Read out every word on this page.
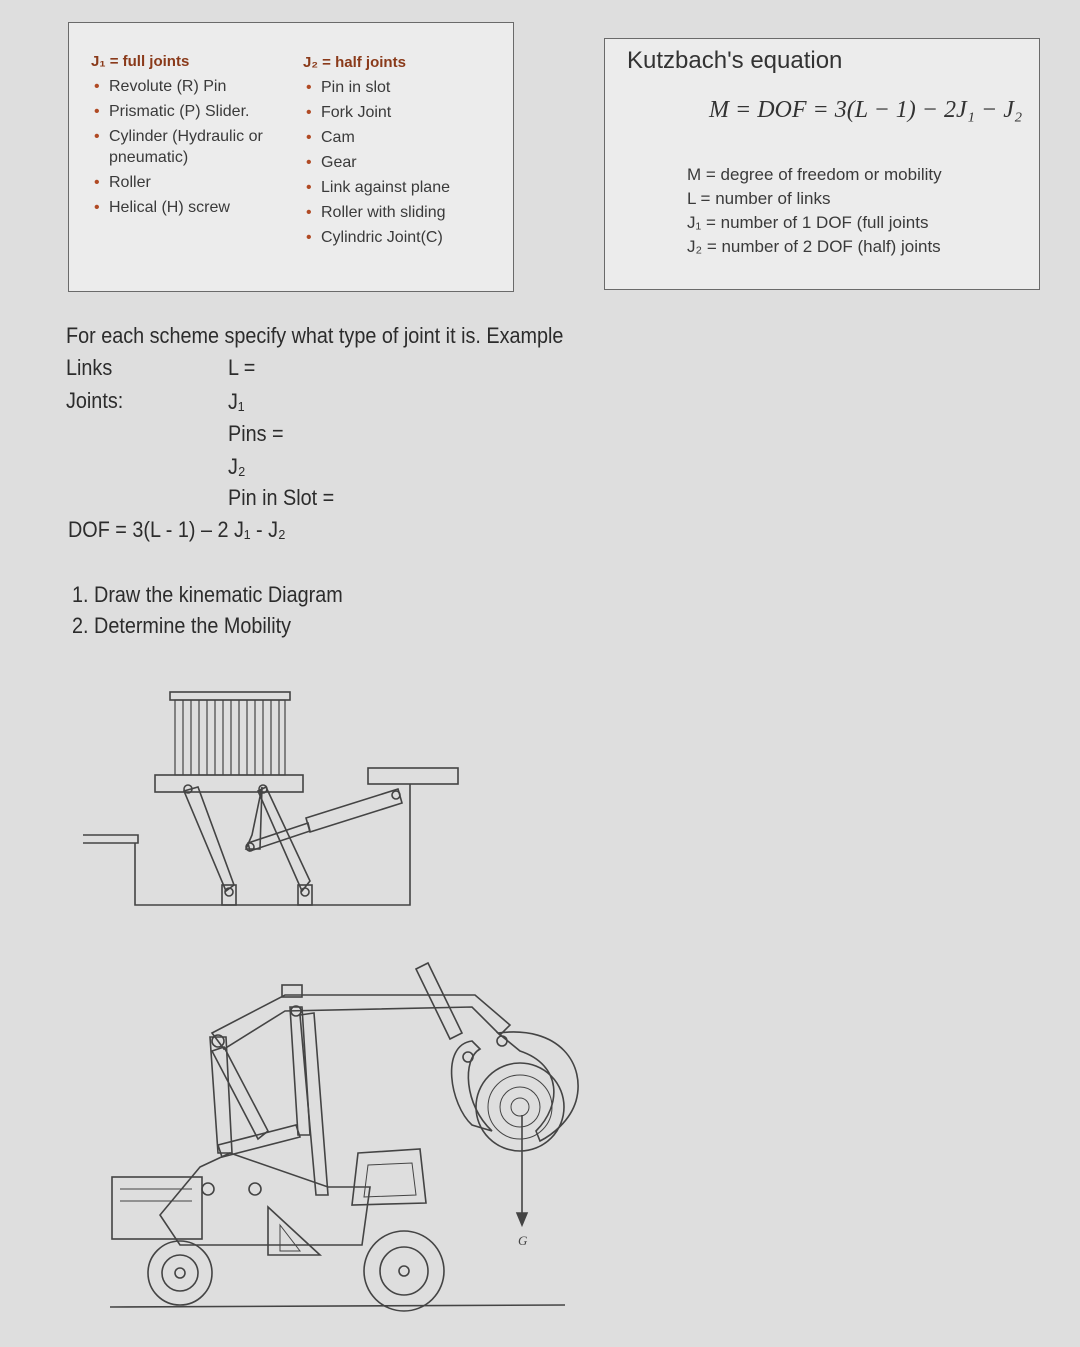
J₁ = full joints
• Revolute (R) Pin
• Prismatic (P) Slider.
• Cylinder (Hydraulic or pneumatic)
• Roller
• Helical (H) screw
J₂ = half joints
• Pin in slot
• Fork Joint
• Cam
• Gear
• Link against plane
• Roller with sliding
• Cylindric Joint(C)
Kutzbach's equation
M = DOF = 3(L − 1) − 2J₁ − J₂
M = degree of freedom or mobility
L = number of links
J₁ = number of 1 DOF (full joints
J₂ = number of 2 DOF (half) joints
For each scheme specify what type of joint it is. Example
Links	L =
Joints:	J₁
Pins =
J₂
Pin in Slot =
DOF = 3(L - 1) – 2 J₁ - J₂
1. Draw the kinematic Diagram
2. Determine the Mobility
G
